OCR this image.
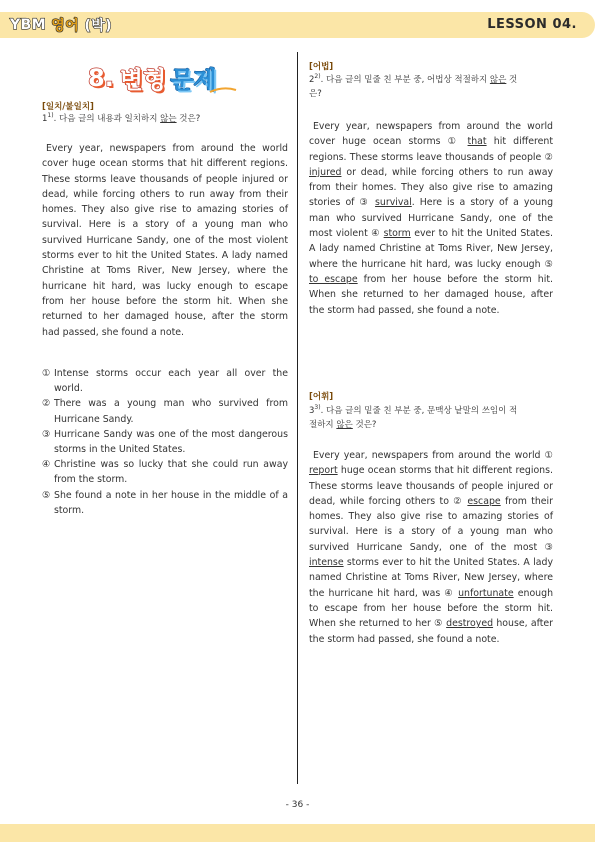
YBM 영어 (박)	LESSON 04.
8. 변형 문제
[일치/불일치]
1$^{1)}$. 다음 글의 내용과 일치하지 않는 것은?
Every year, newspapers from around the world cover huge ocean storms that hit different regions. These storms leave thousands of people injured or dead, while forcing others to run away from their homes. They also give rise to amazing stories of survival. Here is a story of a young man who survived Hurricane Sandy, one of the most violent storms ever to hit the United States. A lady named Christine at Toms River, New Jersey, where the hurricane hit hard, was lucky enough to escape from her house before the storm hit. When she returned to her damaged house, after the storm had passed, she found a note.
① Intense storms occur each year all over the world.
② There was a young man who survived from Hurricane Sandy.
③ Hurricane Sandy was one of the most dangerous storms in the United States.
④ Christine was so lucky that she could run away from the storm.
⑤ She found a note in her house in the middle of a storm.
[어법]
2$^{2)}$. 다음 글의 밑줄 친 부분 중, 어법상 적절하지 않은 것
은?
Every year, newspapers from around the world cover huge ocean storms ① that hit different regions. These storms leave thousands of people ② injured or dead, while forcing others to run away from their homes. They also give rise to amazing stories of ③ survival. Here is a story of a young man who survived Hurricane Sandy, one of the most violent ④ storm ever to hit the United States. A lady named Christine at Toms River, New Jersey, where the hurricane hit hard, was lucky enough ⑤ to escape from her house before the storm hit. When she returned to her damaged house, after the storm had passed, she found a note.
[어휘]
3$^{3)}$. 다음 글의 밑줄 친 부분 중, 문맥상 낱말의 쓰임이 적
절하지 않은 것은?
Every year, newspapers from around the world ① report huge ocean storms that hit different regions. These storms leave thousands of people injured or dead, while forcing others to ② escape from their homes. They also give rise to amazing stories of survival. Here is a story of a young man who survived Hurricane Sandy, one of the most ③ intense storms ever to hit the United States. A lady named Christine at Toms River, New Jersey, where the hurricane hit hard, was ④ unfortunate enough to escape from her house before the storm hit. When she returned to her ⑤ destroyed house, after the storm had passed, she found a note.
- 36 -
